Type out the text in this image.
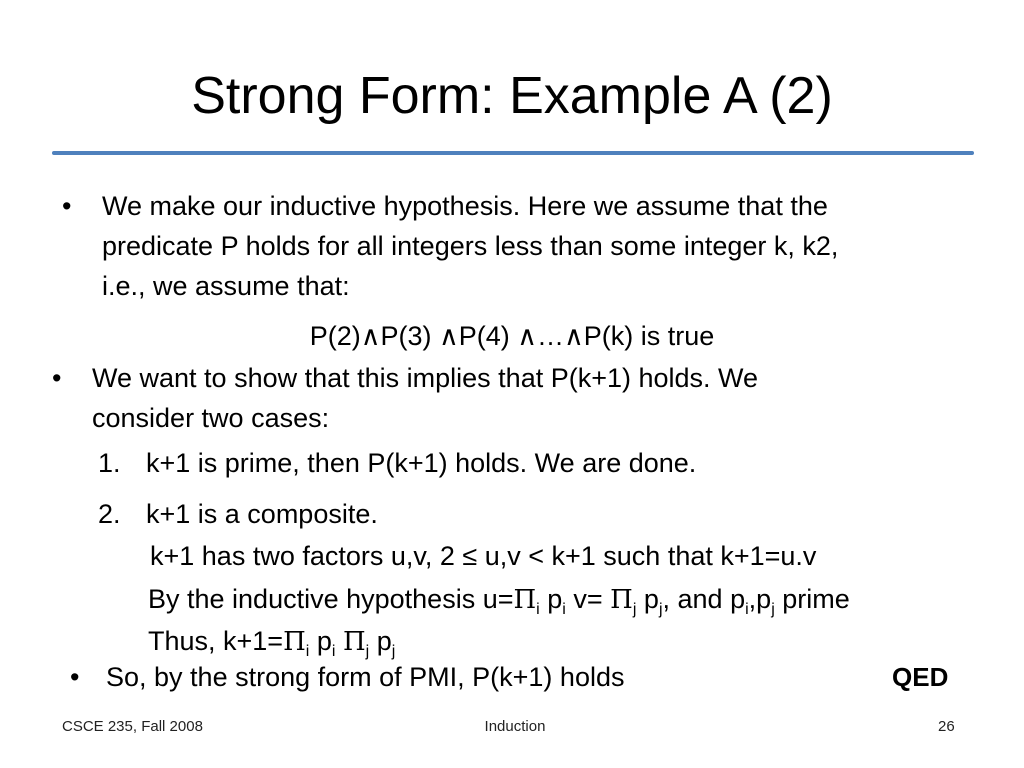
Strong Form: Example A (2)
•	We make our inductive hypothesis. Here we assume that the
predicate P holds for all integers less than some integer k, k2,
i.e., we assume that:
P(2)∧P(3) ∧P(4) ∧…∧P(k) is true
•	We want to show that this implies that P(k+1) holds. We
consider two cases:
1. k+1 is prime, then P(k+1) holds. We are done.
2. k+1 is a composite.
k+1 has two factors u,v, 2 ≤ u,v < k+1 such that k+1=u.v
By the inductive hypothesis $u=\Pi_i$ $p_i$ $v= \Pi_j$ $p_j$, and $p_i,p_j$ prime
Thus, $k+1=\Pi_i$ $p_i$ $\Pi_j$ $p_j$
• So, by the strong form of PMI, P(k+1) holds	QED
CSCE 235, Fall 2008	Induction	26
